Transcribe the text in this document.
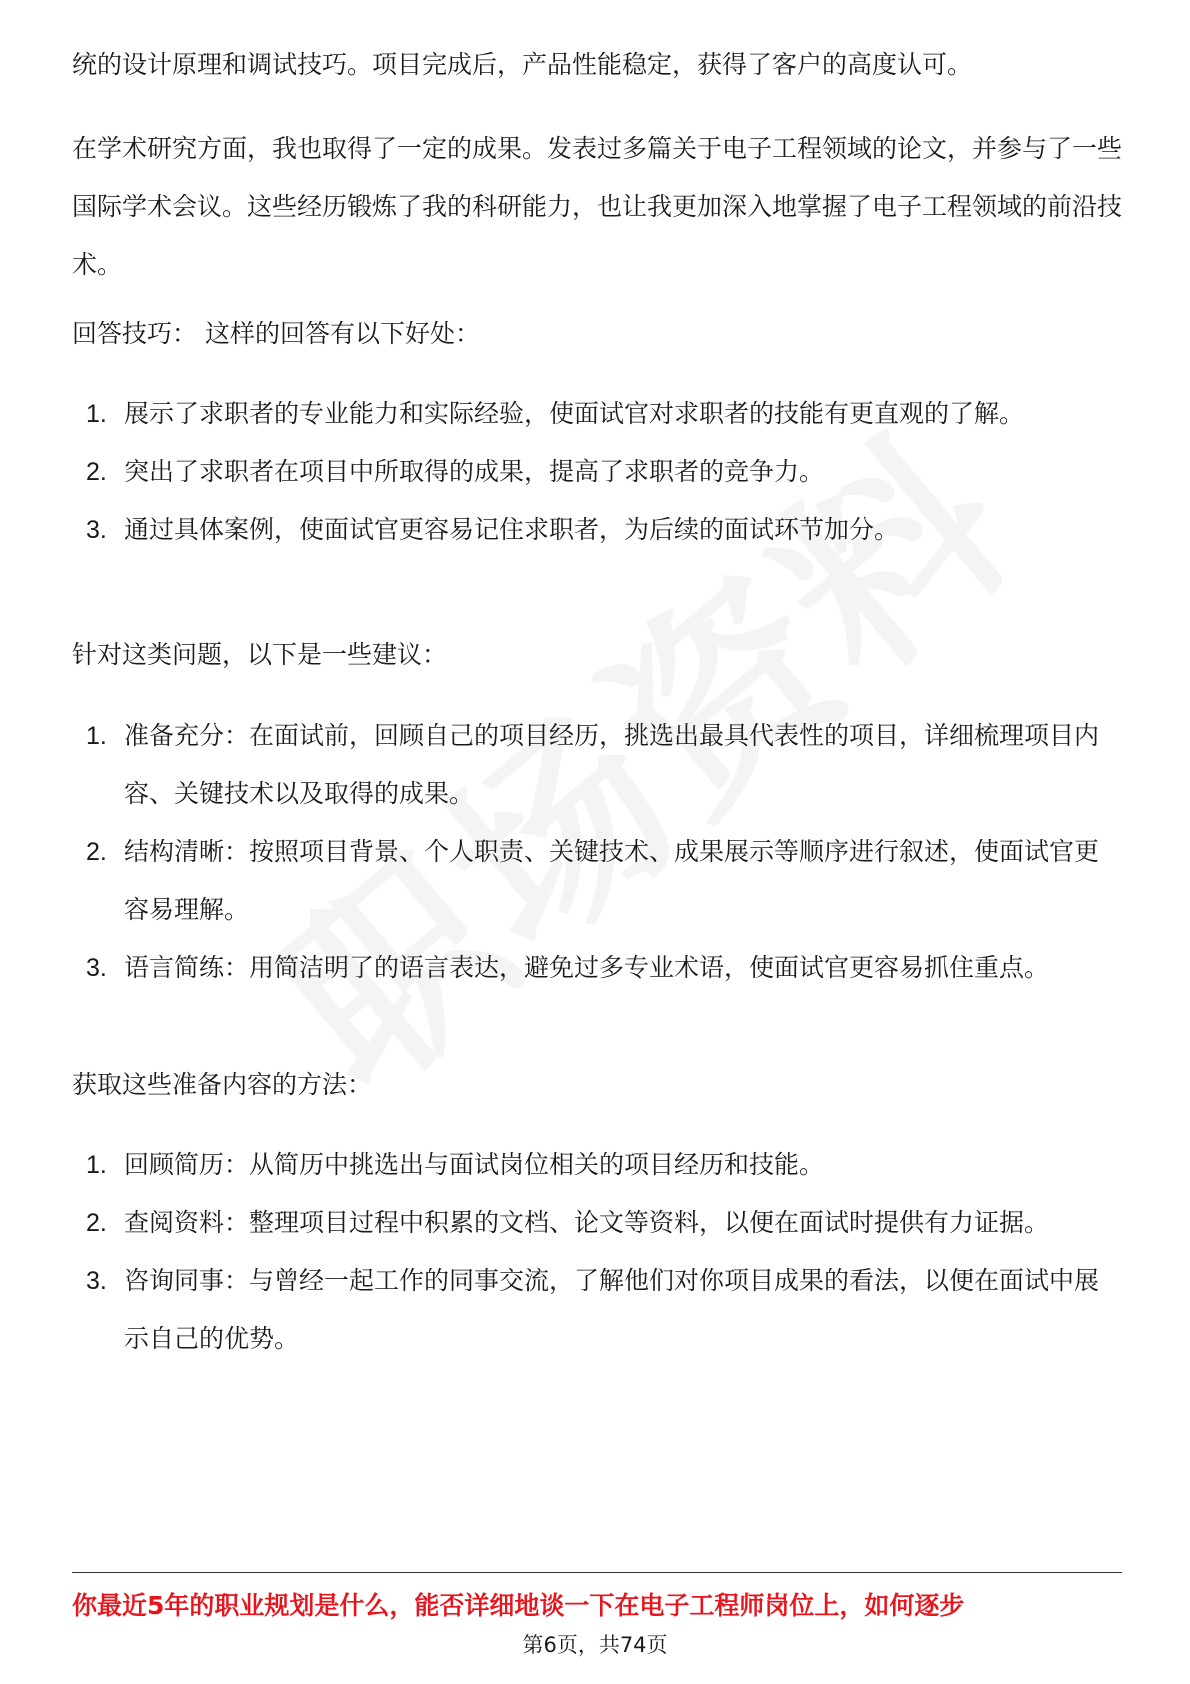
统的设计原理和调试技巧。项目完成后，产品性能稳定，获得了客户的高度认可。

在学术研究方面，我也取得了一定的成果。发表过多篇关于电子工程领域的论文，并参与了一些国际学术会议。这些经历锻炼了我的科研能力，也让我更加深入地掌握了电子工程领域的前沿技术。

回答技巧： 这样的回答有以下好处：

1. 展示了求职者的专业能力和实际经验，使面试官对求职者的技能有更直观的了解。
2. 突出了求职者在项目中所取得的成果，提高了求职者的竞争力。
3. 通过具体案例，使面试官更容易记住求职者，为后续的面试环节加分。

针对这类问题，以下是一些建议：

1. 准备充分：在面试前，回顾自己的项目经历，挑选出最具代表性的项目，详细梳理项目内容、关键技术以及取得的成果。
2. 结构清晰：按照项目背景、个人职责、关键技术、成果展示等顺序进行叙述，使面试官更容易理解。
3. 语言简练：用简洁明了的语言表达，避免过多专业术语，使面试官更容易抓住重点。

获取这些准备内容的方法：

1. 回顾简历：从简历中挑选出与面试岗位相关的项目经历和技能。
2. 查阅资料：整理项目过程中积累的文档、论文等资料，以便在面试时提供有力证据。
3. 咨询同事：与曾经一起工作的同事交流，了解他们对你项目成果的看法，以便在面试中展示自己的优势。
你最近5年的职业规划是什么，能否详细地谈一下在电子工程师岗位上，如何逐步
第6页，共74页
